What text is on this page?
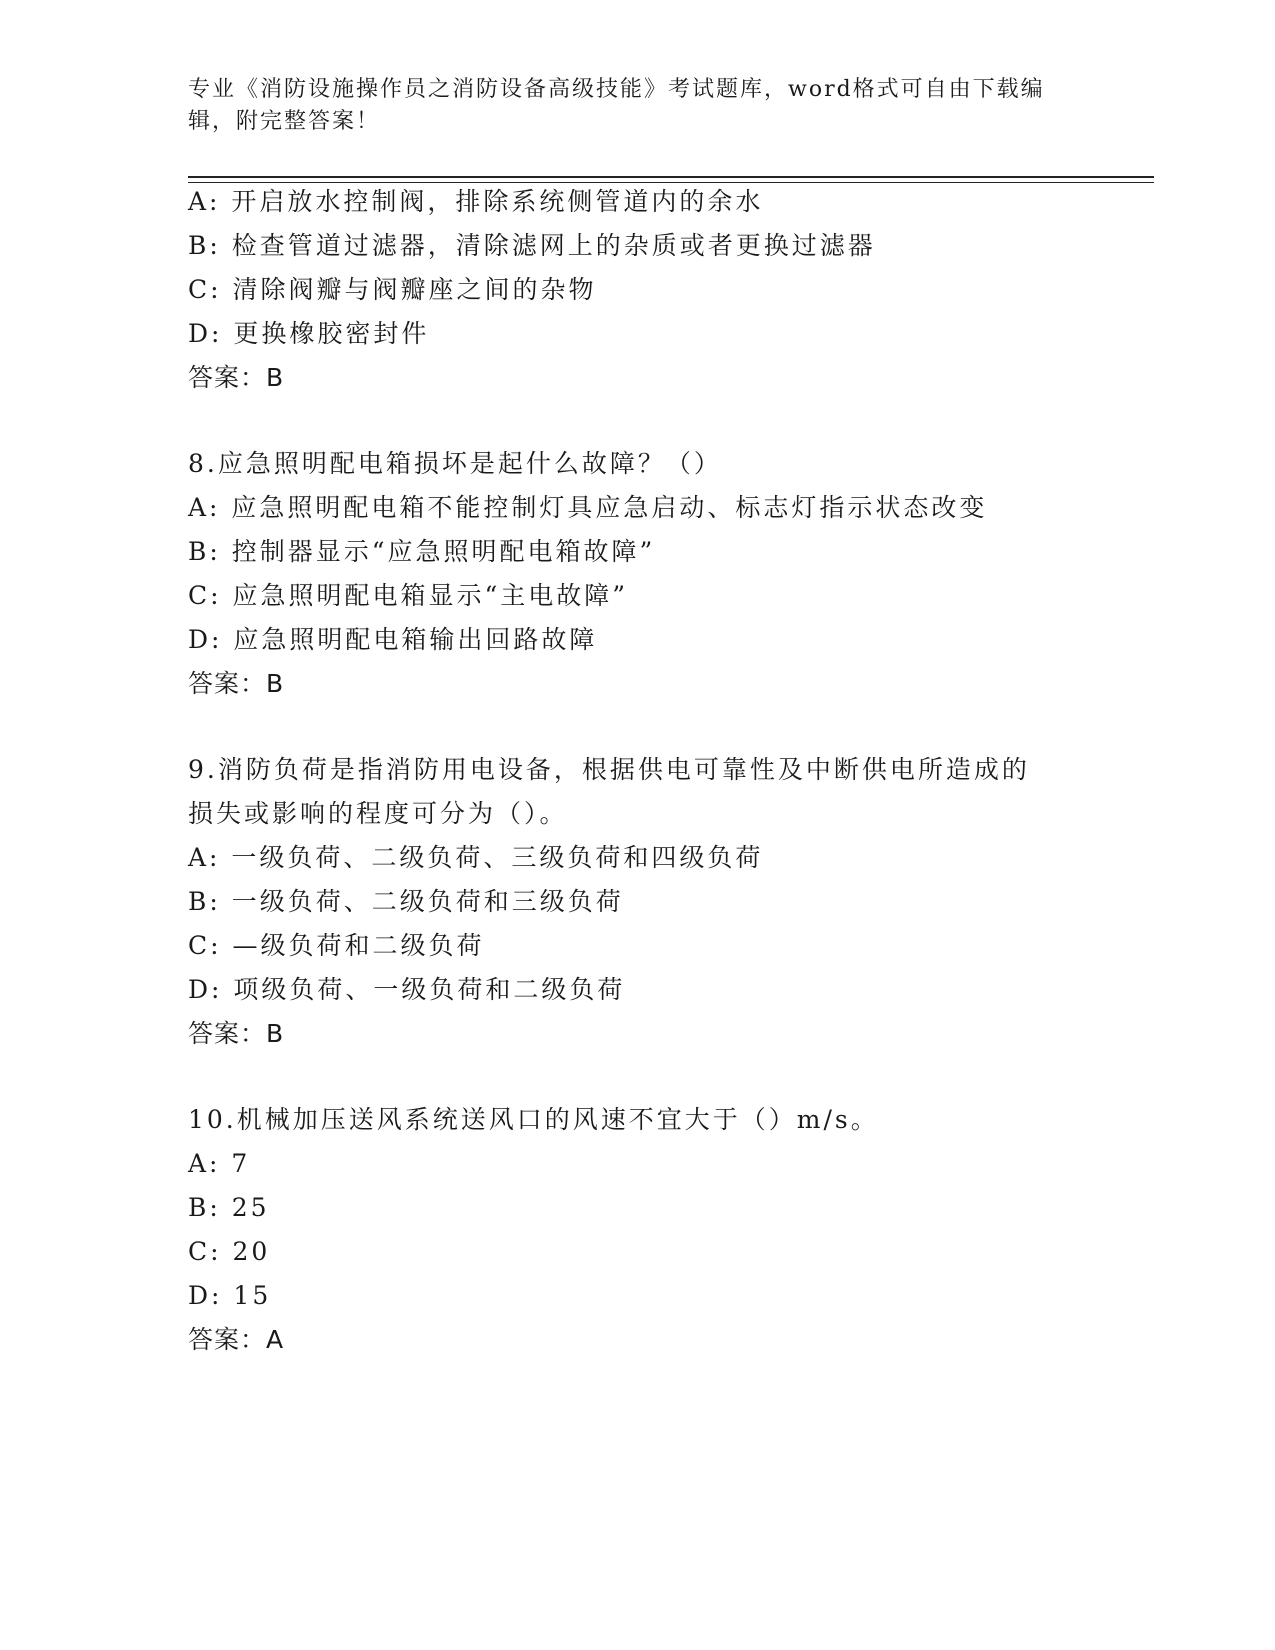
专业《消防设施操作员之消防设备高级技能》考试题库，word格式可自由下载编辑，附完整答案！
A: 开启放水控制阀，排除系统侧管道内的余水
B: 检查管道过滤器，清除滤网上的杂质或者更换过滤器
C: 清除阀瓣与阀瓣座之间的杂物
D: 更换橡胶密封件
答案：B
8.应急照明配电箱损坏是起什么故障？（）
A: 应急照明配电箱不能控制灯具应急启动、标志灯指示状态改变
B: 控制器显示“应急照明配电箱故障”
C: 应急照明配电箱显示“主电故障”
D: 应急照明配电箱输出回路故障
答案：B
9.消防负荷是指消防用电设备，根据供电可靠性及中断供电所造成的
损失或影响的程度可分为（）。
A: 一级负荷、二级负荷、三级负荷和四级负荷
B: 一级负荷、二级负荷和三级负荷
C: —级负荷和二级负荷
D: 项级负荷、一级负荷和二级负荷
答案：B
10.机械加压送风系统送风口的风速不宜大于（）m/s。
A: 7
B: 25
C: 20
D: 15
答案：A
